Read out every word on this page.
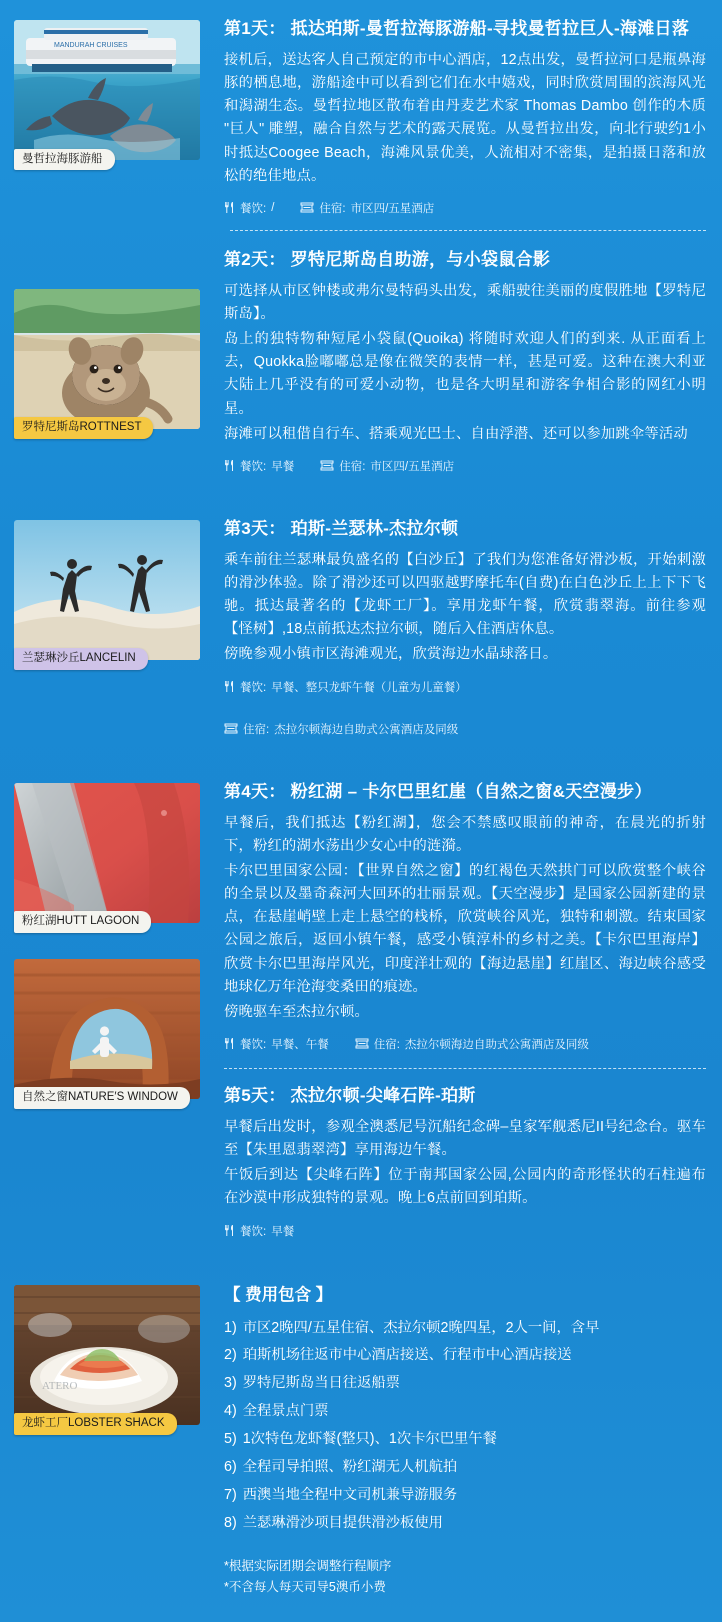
MANDURAH CRUISES
曼哲拉海豚游船
第1天： 抵达珀斯-曼哲拉海豚游船-寻找曼哲拉巨人-海滩日落

接机后，送达客人自己预定的市中心酒店，12点出发，曼哲拉河口是瓶鼻海豚的栖息地，游船途中可以看到它们在水中嬉戏，同时欣赏周围的滨海风光和潟湖生态。曼哲拉地区散布着由丹麦艺术家 Thomas Dambo 创作的木质 "巨人" 雕塑，融合自然与艺术的露天展览。从曼哲拉出发，向北行驶约1小时抵达Coogee Beach，海滩风景优美，人流相对不密集，是拍摄日落和放松的绝佳地点。

餐饮: /	住宿: 市区四/五星酒店
罗特尼斯岛ROTTNEST
第2天： 罗特尼斯岛自助游，与小袋鼠合影

可选择从市区钟楼或弗尔曼特码头出发，乘船驶往美丽的度假胜地【罗特尼斯岛】。

岛上的独特物种短尾小袋鼠(Quoika) 将随时欢迎人们的到来. 从正面看上去，Quokka脸嘟嘟总是像在微笑的表情一样，甚是可爱。这种在澳大利亚大陆上几乎没有的可爱小动物，也是各大明星和游客争相合影的网红小明星。

海滩可以租借自行车、搭乘观光巴士、自由浮潜、还可以参加跳伞等活动

餐饮: 早餐	住宿: 市区四/五星酒店
兰瑟琳沙丘LANCELIN
第3天： 珀斯-兰瑟林-杰拉尔顿

乘车前往兰瑟琳最负盛名的【白沙丘】了我们为您准备好滑沙板，开始刺激的滑沙体验。除了滑沙还可以四驱越野摩托车(自费)在白色沙丘上上下下飞驰。抵达最著名的【龙虾工厂】。享用龙虾午餐，欣赏翡翠海。前往参观【怪树】,18点前抵达杰拉尔顿，随后入住酒店休息。

傍晚参观小镇市区海滩观光，欣赏海边水晶球落日。

餐饮: 早餐、整只龙虾午餐（儿童为儿童餐）
住宿: 杰拉尔顿海边自助式公寓酒店及同级
粉红湖HUTT LAGOON
自然之窗NATURE′S WINDOW
第4天： 粉红湖 – 卡尔巴里红崖（自然之窗&天空漫步）

早餐后，我们抵达【粉红湖】，您会不禁感叹眼前的神奇，在晨光的折射下，粉红的湖水荡出少女心中的涟漪。

卡尔巴里国家公园：【世界自然之窗】的红褐色天然拱门可以欣赏整个峡谷的全景以及墨奇森河大回环的壮丽景观。【天空漫步】是国家公园新建的景点，在悬崖峭壁上走上悬空的栈桥，欣赏峡谷风光，独特和刺激。结束国家公园之旅后，返回小镇午餐，感受小镇淳朴的乡村之美。【卡尔巴里海岸】欣赏卡尔巴里海岸风光，印度洋壮观的【海边悬崖】红崖区、海边峡谷感受地球亿万年沧海变桑田的痕迹。

傍晚驱车至杰拉尔顿。

餐饮: 早餐、午餐	住宿: 杰拉尔顿海边自助式公寓酒店及同级
第5天： 杰拉尔顿-尖峰石阵-珀斯

早餐后出发时，参观全澳悉尼号沉船纪念碑–皇家军舰悉尼II号纪念台。驱车至【朱里恩翡翠湾】享用海边午餐。

午饭后到达【尖峰石阵】位于南邦国家公园,公园内的奇形怪状的石柱遍布在沙漠中形成独特的景观。晚上6点前回到珀斯。

餐饮: 早餐
ATERO
龙虾工厂LOBSTER SHACK
【 费用包含 】
1) 市区2晚四/五星住宿、杰拉尔顿2晚四星，2人一间，含早
2) 珀斯机场往返市中心酒店接送、行程市中心酒店接送
3) 罗特尼斯岛当日往返船票
4) 全程景点门票
5) 1次特色龙虾餐(整只)、1次卡尔巴里午餐
6) 全程司导拍照、粉红湖无人机航拍
7) 西澳当地全程中文司机兼导游服务
8) 兰瑟琳滑沙项目提供滑沙板使用
*根据实际团期会调整行程顺序
*不含每人每天司导5澳币小费
